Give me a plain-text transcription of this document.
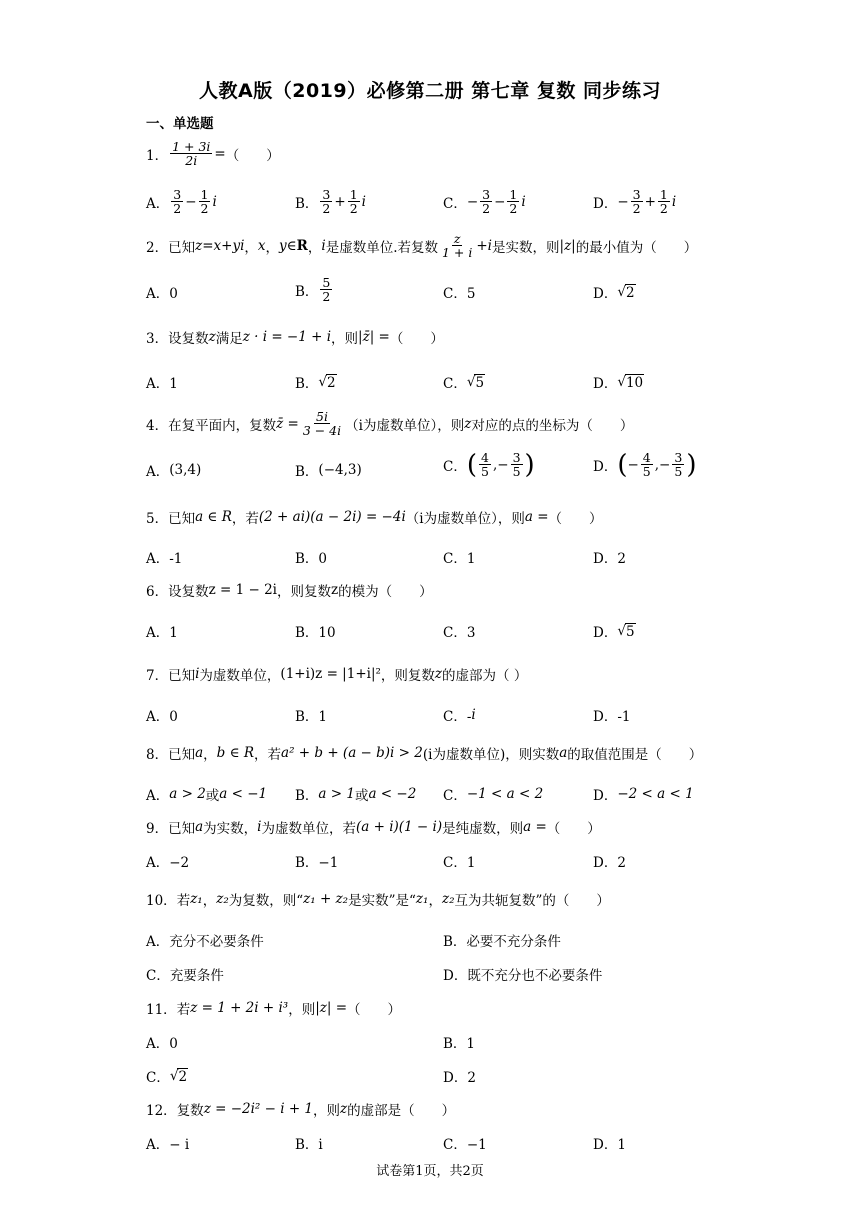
人教A版（2019）必修第二册 第七章 复数 同步练习
一、单选题
1． $\frac{1 + 3i}{2i}$ = （　　）
A． $\frac{3}{2} - \frac{1}{2}$ i	B． $\frac{3}{2} + \frac{1}{2}$ i	C． − $\frac{3}{2} - \frac{1}{2}$ i	D． − $\frac{3}{2} + \frac{1}{2}$ i
2． 已知 z=x+yi ， x ， y∈ R ， i 是虚数单位.若复数 $\frac{z}{1 + i} +i$ 是实数，则 |z| 的最小值为（　　）
A．0	B． $\frac{5}{2}$	C．5	D． √ 2
3． 设复数 z 满足 z · i = −1 + i ，则 |z̄| = （　　）
A．1	B． √ 2	C． √ 5	D． √ 10
4． 在复平面内，复数 z̄ = $\frac{5i}{3 - 4i} (i$为虚数单位），则 z 对应的点的坐标为（　　）
A． (3,4)	B． (−4,3)	C． ( $\frac{4}{5}$ ,− $\frac{3}{5}$ )	D． ( − $\frac{4}{5}$ ,− $\frac{3}{5}$ )
5． 已知 a ∈ R ，若 (2 + ai)(a − 2i) = −4i （i为虚数单位），则 a = （　　）
A．-1	B．0	C．1	D．2
6． 设复数 z = 1 − 2i ，则复数 z 的模为（　　）
A．1	B．10	C．3	D． √ 5
7． 已知 i 为虚数单位， (1+i)z = |1+i|² ，则复数 z 的虚部为（ ）
A．0	B．1	C．- i	D．-1
8． 已知 a ， b ∈ R ，若 a² + b + (a − b)i > 2 (i为虚数单位)，则实数 a 的取值范围是（　　）
A． a > 2 或 a < −1 B． a > 1 或 a < −2 C． −1 < a < 2	D． −2 < a < 1
9． 已知 a 为实数， i 为虚数单位，若 (a + i)(1 − i) 是纯虚数，则 a = （　　）
A．−2	B．−1	C．1	D．2
10． 若 z₁ ， z₂ 为复数，则“ z₁ + z₂ 是实数”是“ z₁ ， z₂ 互为共轭复数”的（　　）
A．充分不必要条件	B．必要不充分条件
C．充要条件	D．既不充分也不必要条件
11． 若 z = 1 + 2i + i³ ，则 |z| = （　　）
A．0	B．1
C． √ 2	D．2
12． 复数 z = −2i² − i + 1 ，则 z 的虚部是（　　）
A．− i	B．i	C．−1	D．1
试卷第1页，共2页
